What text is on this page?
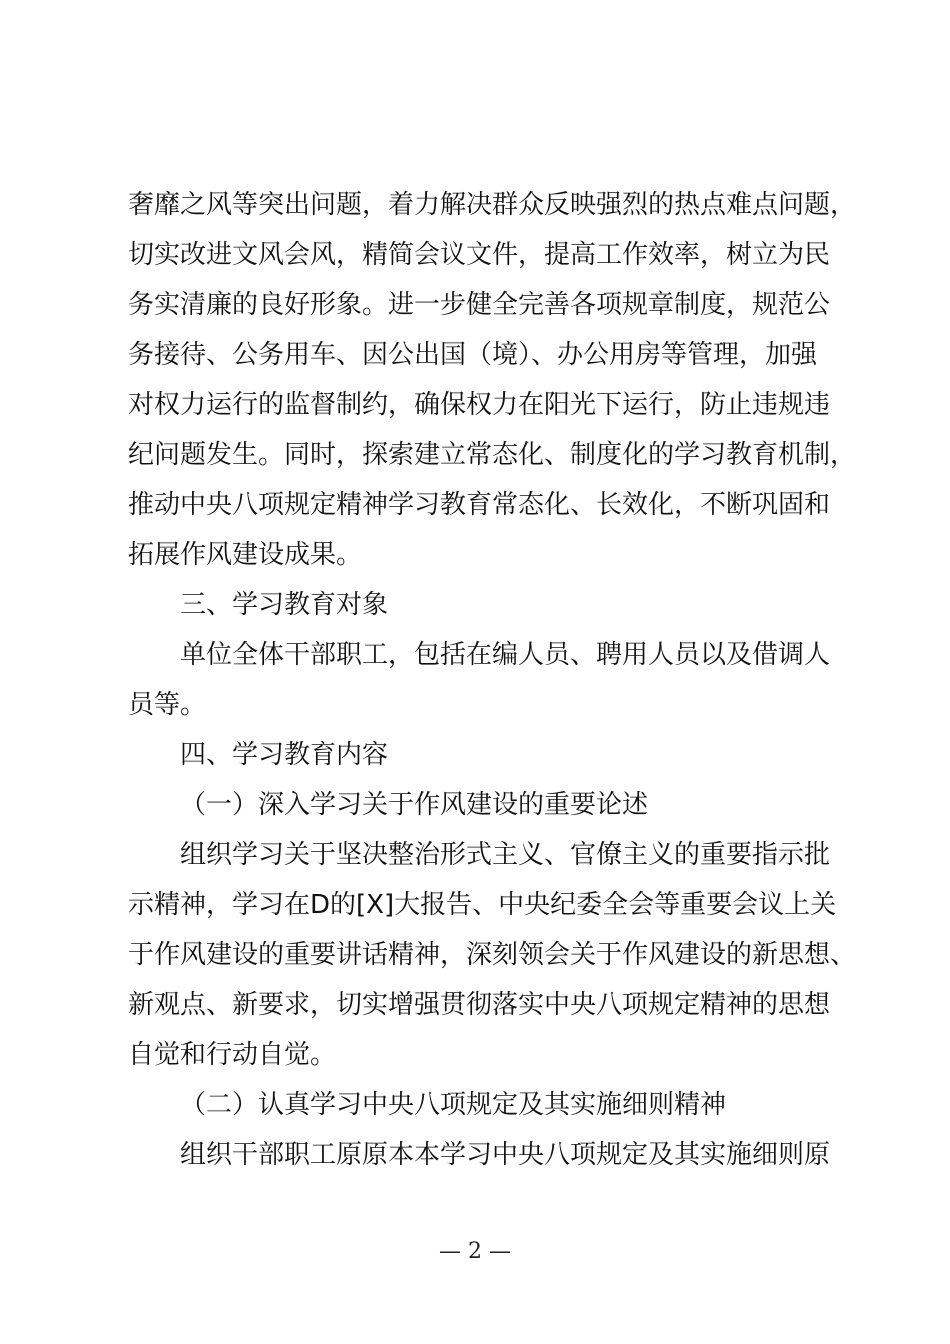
奢靡之风等突出问题，着力解决群众反映强烈的热点难点问题，
切实改进文风会风，精简会议文件，提高工作效率，树立为民
务实清廉的良好形象。进一步健全完善各项规章制度，规范公
务接待、公务用车、因公出国（境）、办公用房等管理，加强
对权力运行的监督制约，确保权力在阳光下运行，防止违规违
纪问题发生。同时，探索建立常态化、制度化的学习教育机制，
推动中央八项规定精神学习教育常态化、长效化，不断巩固和
拓展作风建设成果。
三、学习教育对象
单位全体干部职工，包括在编人员、聘用人员以及借调人
员等。
四、学习教育内容
（一）深入学习关于作风建设的重要论述
组织学习关于坚决整治形式主义、官僚主义的重要指示批
示精神，学习在D的[X]大报告、中央纪委全会等重要会议上关
于作风建设的重要讲话精神，深刻领会关于作风建设的新思想、
新观点、新要求，切实增强贯彻落实中央八项规定精神的思想
自觉和行动自觉。
（二）认真学习中央八项规定及其实施细则精神
组织干部职工原原本本学习中央八项规定及其实施细则原
— 2 —
